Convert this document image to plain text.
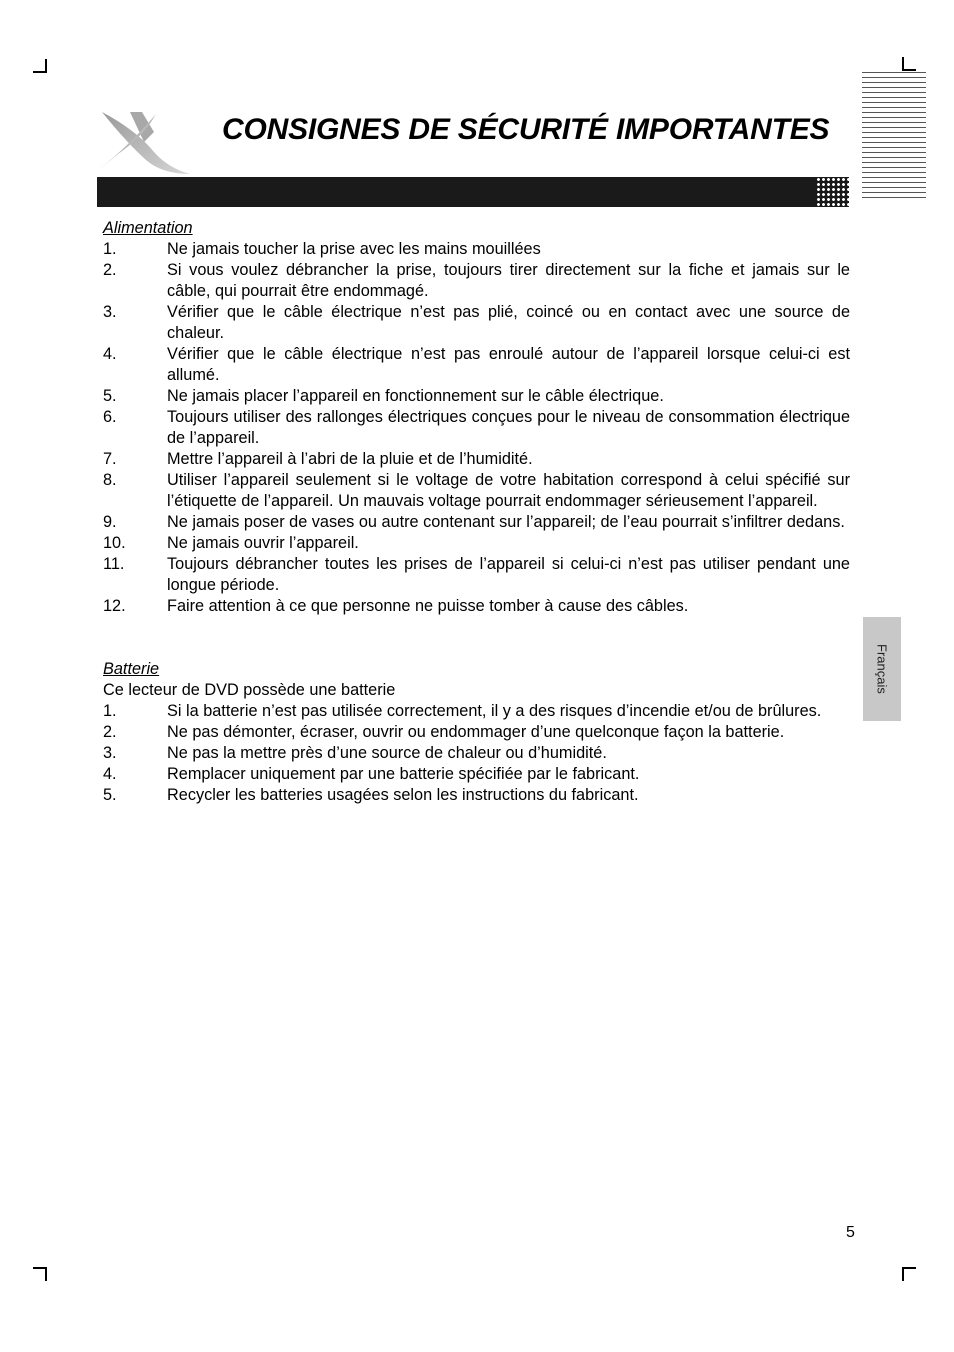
CONSIGNES DE SÉCURITÉ IMPORTANTES
Alimentation
1.	Ne jamais toucher la prise avec les mains mouillées
2.	Si vous voulez débrancher la prise, toujours tirer directement sur la fiche et jamais sur le câble, qui pourrait être endommagé.
3.	Vérifier que le câble électrique n’est pas plié, coincé ou en contact avec une source de chaleur.
4.	Vérifier que le câble électrique n’est pas enroulé autour de l’appareil lorsque celui-ci est allumé.
5.	Ne jamais placer l’appareil en fonctionnement sur le câble électrique.
6.	Toujours utiliser des rallonges électriques conçues pour le niveau de consommation électrique de l’appareil.
7.	Mettre l’appareil à l’abri de la pluie et de l’humidité.
8.	Utiliser l’appareil seulement si le voltage de votre habitation correspond à celui spécifié sur l’étiquette de l’appareil. Un mauvais voltage pourrait endommager sérieusement l’appareil.
9.	Ne jamais poser de vases ou autre contenant sur l’appareil; de l’eau pourrait s’infiltrer dedans.
10.	Ne jamais ouvrir l’appareil.
11.	Toujours débrancher toutes les prises de l’appareil si celui-ci n’est pas utiliser pendant une longue période.
12.	Faire attention à ce que personne ne puisse tomber à cause des câbles.
Batterie
Ce lecteur de DVD possède une batterie
1.	Si la batterie n’est pas utilisée correctement, il y a des risques d’incendie et/ou de brûlures.
2.	Ne pas démonter, écraser, ouvrir ou endommager d’une quelconque façon la batterie.
3.	Ne pas la mettre près d’une source de chaleur ou d’humidité.
4.	Remplacer uniquement par une batterie spécifiée par le fabricant.
5.	Recycler les batteries usagées selon les instructions du fabricant.
Français
5
